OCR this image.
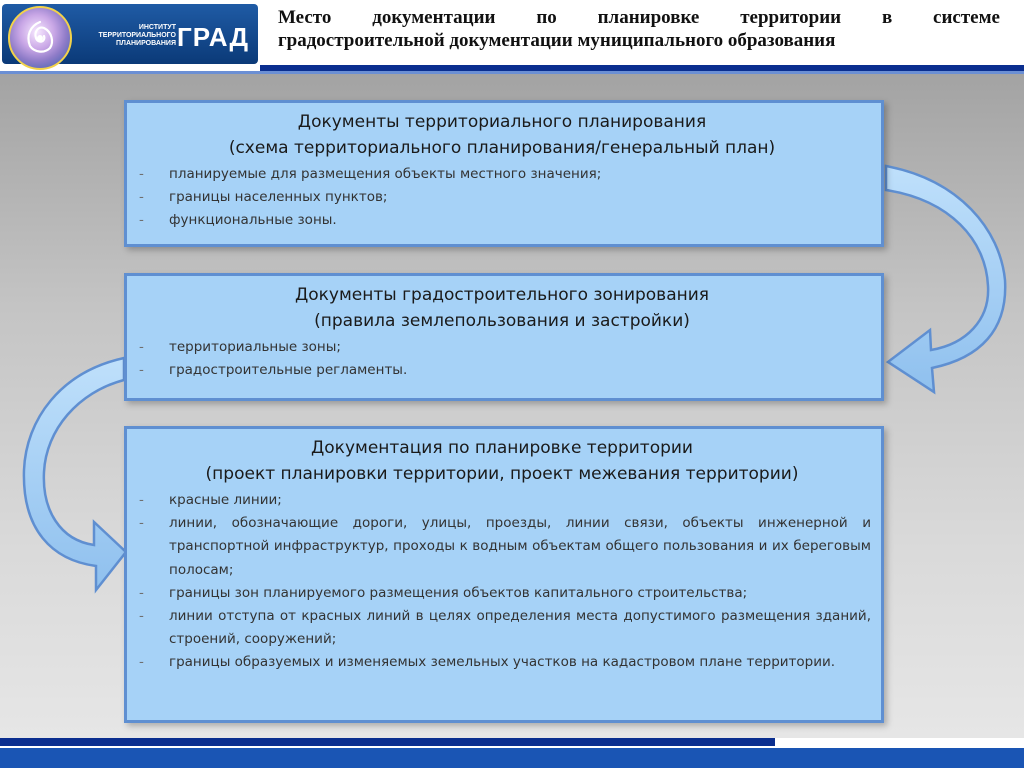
ИНСТИТУТ
ТЕРРИТОРИАЛЬНОГО
ПЛАНИРОВАНИЯ ГРАД
Место документации по планировке территории в системе
градостроительной документации муниципального образования
Документы территориального планирования
(схема территориального планирования/генеральный план)
- планируемые для размещения объекты местного значения;
- границы населенных пунктов;
- функциональные зоны.
Документы градостроительного зонирования
(правила землепользования и застройки)
- территориальные зоны;
- градостроительные регламенты.
Документация по планировке территории
(проект планировки территории, проект межевания территории)
- красные линии;
- линии, обозначающие дороги, улицы, проезды, линии связи, объекты инженерной и транспортной инфраструктур, проходы к водным объектам общего пользования и их береговым полосам;
- границы зон планируемого размещения объектов капитального строительства;
- линии отступа от красных линий в целях определения места допустимого размещения зданий, строений, сооружений;
- границы образуемых и изменяемых земельных участков на кадастровом плане территории.
